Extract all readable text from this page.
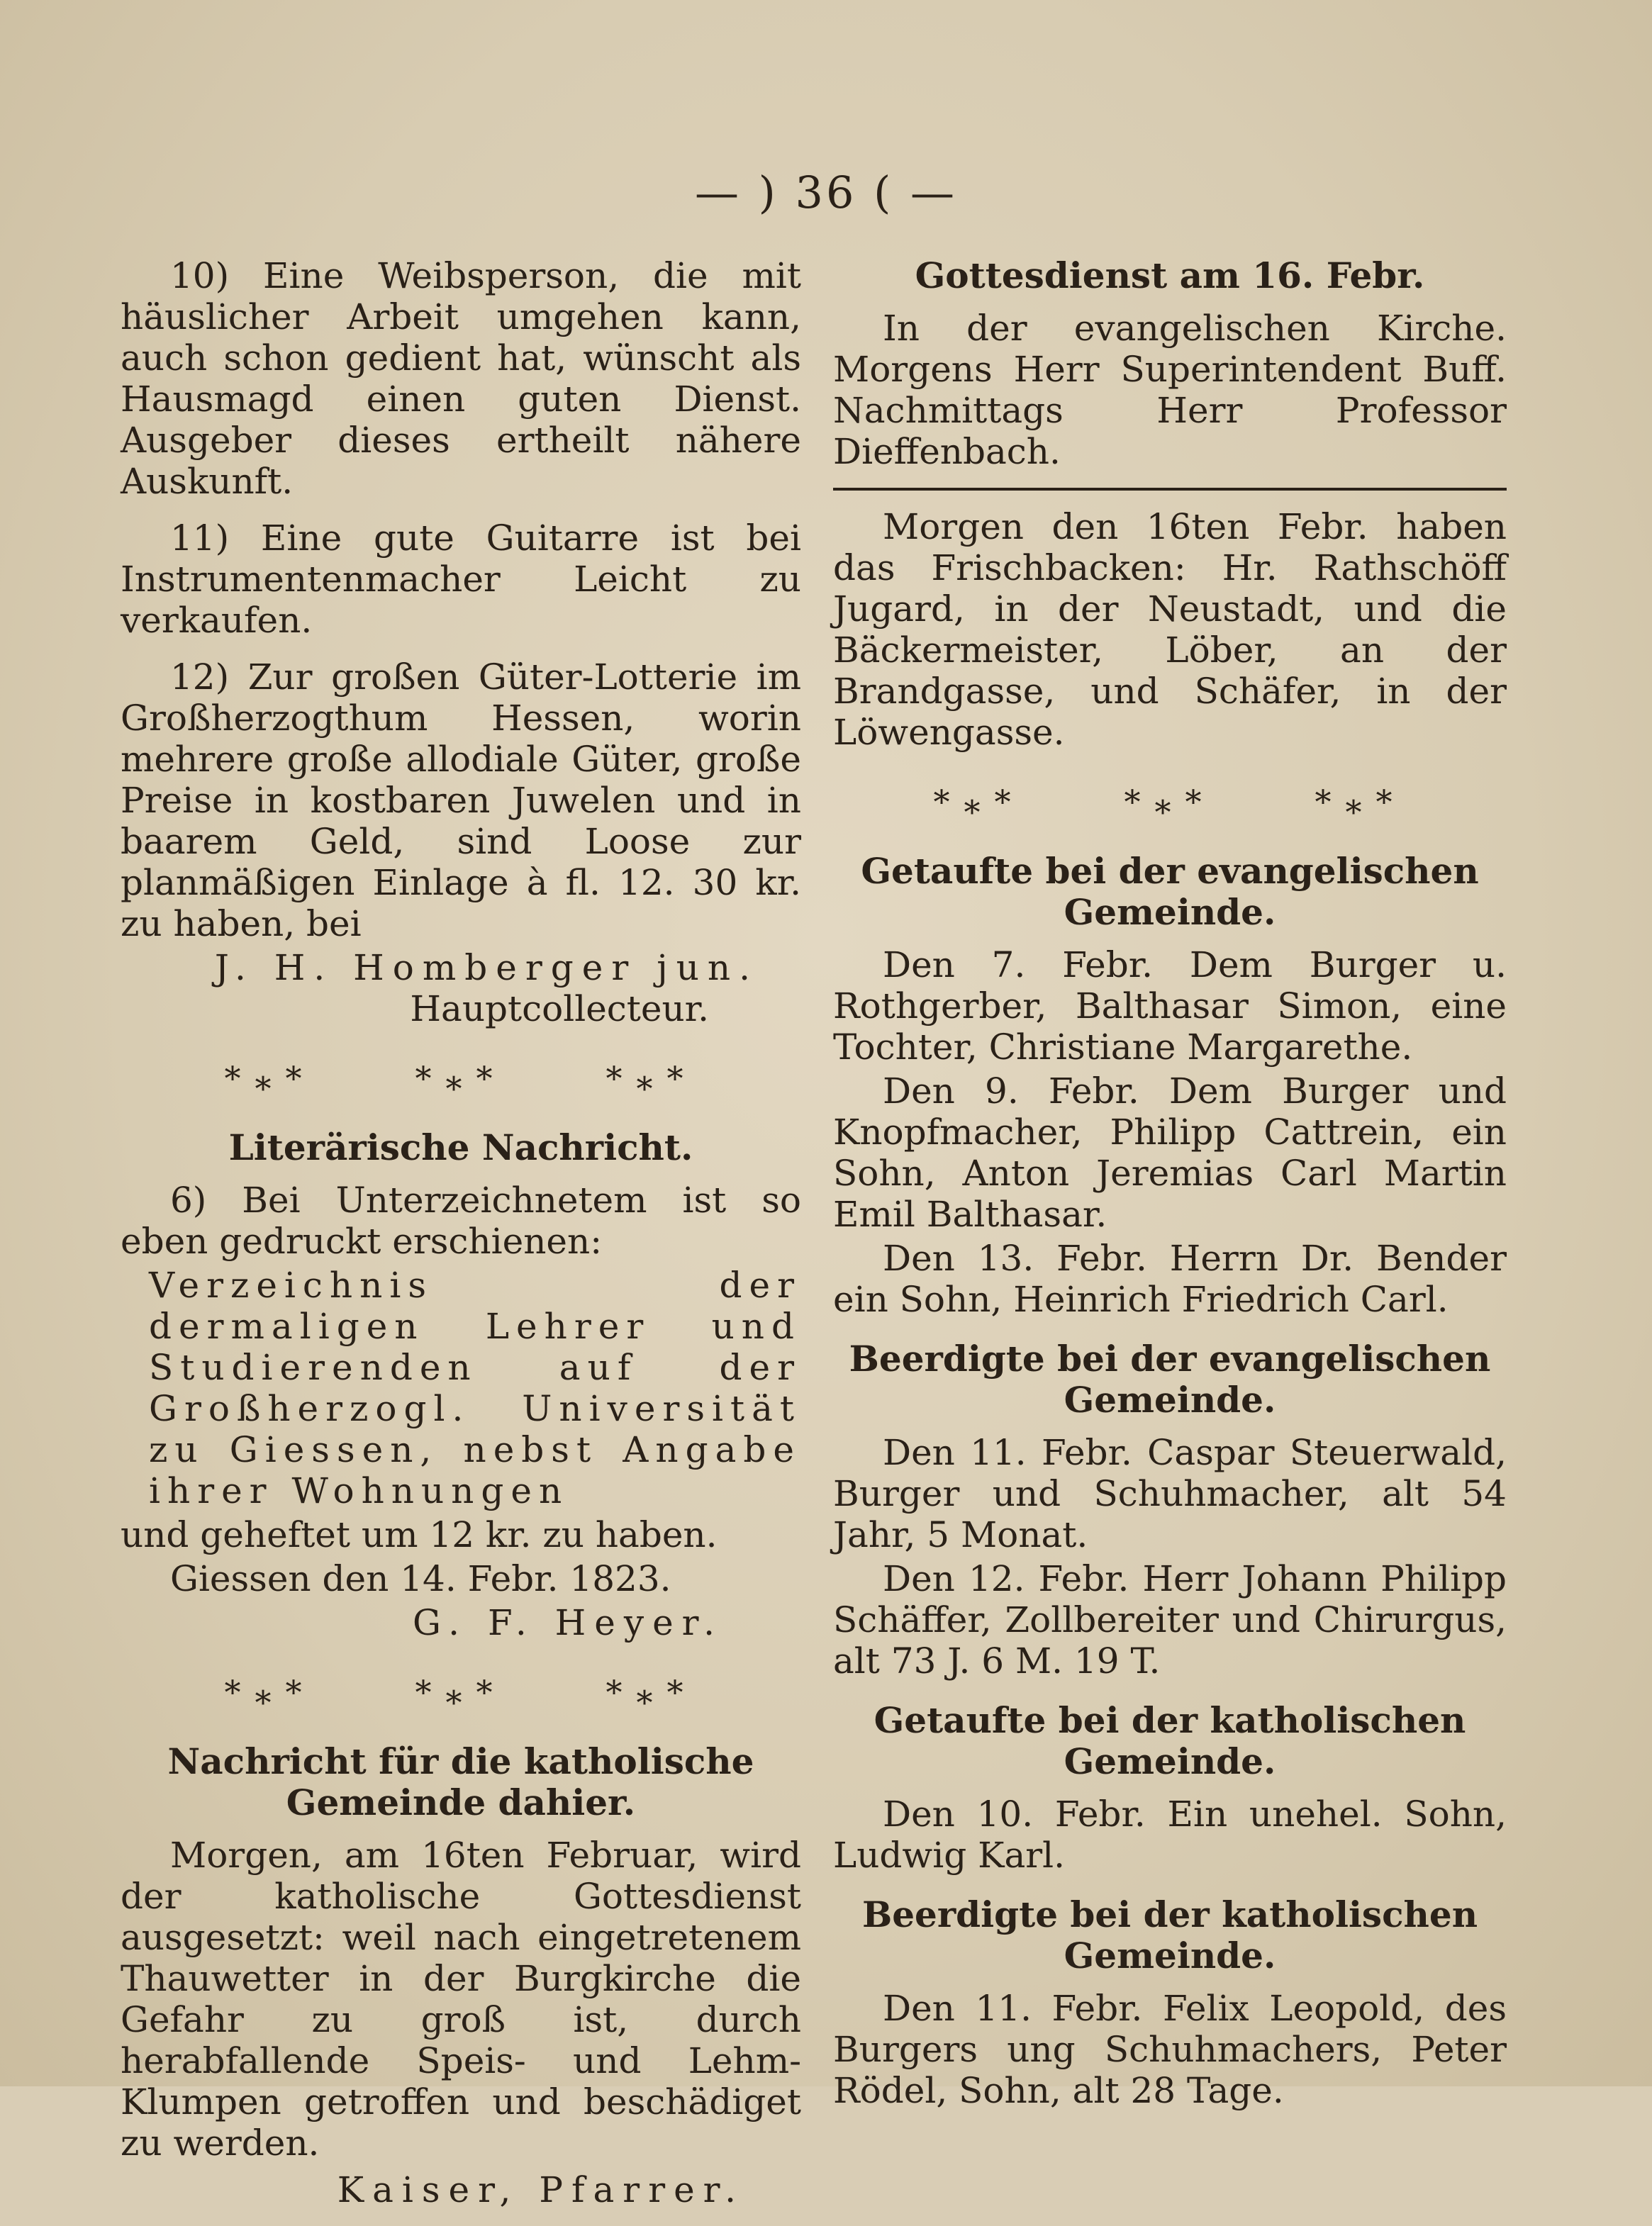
— ) 36 ( —

10) Eine Weibsperson, die mit häuslicher Arbeit umgehen kann, auch schon gedient hat, wünscht als Hausmagd einen guten Dienst. Ausgeber dieses ertheilt nähere Auskunft.

11) Eine gute Guitarre ist bei Instrumentenmacher Leicht zu verkaufen.

12) Zur großen Güter-Lotterie im Großherzogthum Hessen, worin mehrere große allodiale Güter, große Preise in kostbaren Juwelen und in baarem Geld, sind Loose zur planmäßigen Einlage à fl. 12. 30 kr. zu haben, bei

J. H. Homberger jun.

Hauptcollecteur.

*⁎*	*⁎*	*⁎*
Literärische Nachricht.

6) Bei Unterzeichnetem ist so eben gedruckt erschienen:

Verzeichnis der dermaligen Lehrer und Studierenden auf der Großherzogl. Universität zu Giessen, nebst Angabe ihrer Wohnungen

und geheftet um 12 kr. zu haben.

Giessen den 14. Febr. 1823.

G. F. Heyer.

*⁎*	*⁎*	*⁎*
Nachricht für die katholische Gemeinde dahier.

Morgen, am 16ten Februar, wird der katholische Gottesdienst ausgesetzt: weil nach eingetretenem Thauwetter in der Burgkirche die Gefahr zu groß ist, durch herabfallende Speis- und Lehm-Klumpen getroffen und beschädiget zu werden.

Kaiser, Pfarrer.

Gottesdienst am 16. Febr.

In der evangelischen Kirche. Morgens Herr Superintendent Buff. Nachmittags Herr Professor Dieffenbach.

Morgen den 16ten Febr. haben das Frischbacken: Hr. Rathschöff Jugard, in der Neustadt, und die Bäckermeister, Löber, an der Brandgasse, und Schäfer, in der Löwengasse.

*⁎*	*⁎*	*⁎*
Getaufte bei der evangelischen Gemeinde.

Den 7. Febr. Dem Burger u. Rothgerber, Balthasar Simon, eine Tochter, Christiane Margarethe.

Den 9. Febr. Dem Burger und Knopfmacher, Philipp Cattrein, ein Sohn, Anton Jeremias Carl Martin Emil Balthasar.

Den 13. Febr. Herrn Dr. Bender ein Sohn, Heinrich Friedrich Carl.

Beerdigte bei der evangelischen Gemeinde.

Den 11. Febr. Caspar Steuerwald, Burger und Schuhmacher, alt 54 Jahr, 5 Monat.

Den 12. Febr. Herr Johann Philipp Schäffer, Zollbereiter und Chirurgus, alt 73 J. 6 M. 19 T.

Getaufte bei der katholischen Gemeinde.

Den 10. Febr. Ein unehel. Sohn, Ludwig Karl.

Beerdigte bei der katholischen Gemeinde.

Den 11. Febr. Felix Leopold, des Burgers ung Schuhmachers, Peter Rödel, Sohn, alt 28 Tage.
